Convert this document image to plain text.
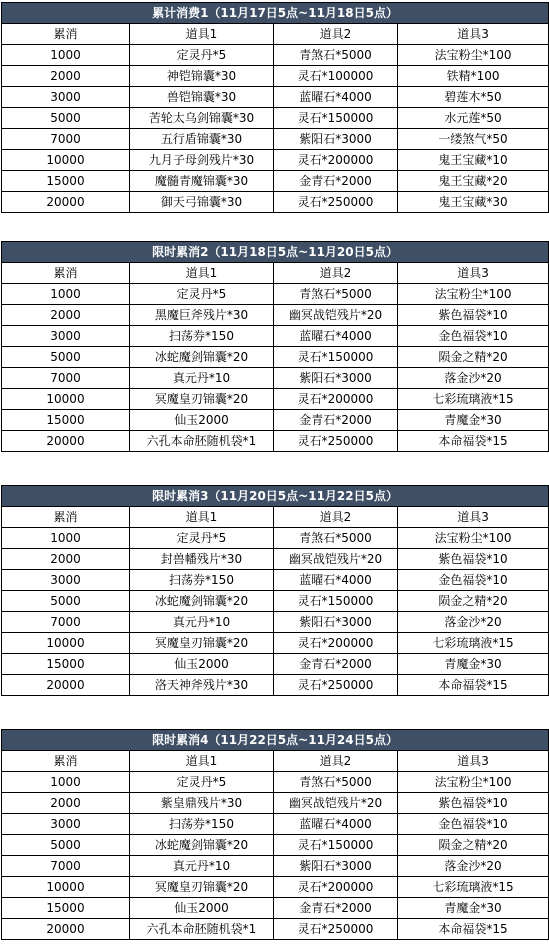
累计消费1（11月17日5点~11月18日5点）			
累消	道具1	道具2	道具3
1000	定灵丹*5	青煞石*5000	法宝粉尘*100
2000	神铠锦囊*30	灵石*100000	铁精*100
3000	兽铠锦囊*30	蓝曜石*4000	碧莲木*50
5000	苦轮太乌剑锦囊*30	灵石*150000	水元莲*50
7000	五行盾锦囊*30	紫阳石*3000	一缕煞气*50
10000	九月子母剑残片*30	灵石*200000	鬼王宝藏*10
15000	魔髓青魔锦囊*30	金青石*2000	鬼王宝藏*20
20000	御天弓锦囊*30	灵石*250000	鬼王宝藏*30
限时累消2（11月18日5点~11月20日5点）			
累消	道具1	道具2	道具3
1000	定灵丹*5	青煞石*5000	法宝粉尘*100
2000	黑魔巨斧残片*30	幽冥战铠残片*20	紫色福袋*10
3000	扫荡券*150	蓝曜石*4000	金色福袋*10
5000	冰蛇魔剑锦囊*20	灵石*150000	陨金之精*20
7000	真元丹*10	紫阳石*3000	落金沙*20
10000	冥魔皇刃锦囊*20	灵石*200000	七彩琉璃液*15
15000	仙玉2000	金青石*2000	青魔金*30
20000	六孔本命胚随机袋*1	灵石*250000	本命福袋*15
限时累消3（11月20日5点~11月22日5点）			
累消	道具1	道具2	道具3
1000	定灵丹*5	青煞石*5000	法宝粉尘*100
2000	封兽幡残片*30	幽冥战铠残片*20	紫色福袋*10
3000	扫荡券*150	蓝曜石*4000	金色福袋*10
5000	冰蛇魔剑锦囊*20	灵石*150000	陨金之精*20
7000	真元丹*10	紫阳石*3000	落金沙*20
10000	冥魔皇刃锦囊*20	灵石*200000	七彩琉璃液*15
15000	仙玉2000	金青石*2000	青魔金*30
20000	洛天神斧残片*30	灵石*250000	本命福袋*15
限时累消4（11月22日5点~11月24日5点）			
累消	道具1	道具2	道具3
1000	定灵丹*5	青煞石*5000	法宝粉尘*100
2000	紫皇鼎残片*30	幽冥战铠残片*20	紫色福袋*10
3000	扫荡券*150	蓝曜石*4000	金色福袋*10
5000	冰蛇魔剑锦囊*20	灵石*150000	陨金之精*20
7000	真元丹*10	紫阳石*3000	落金沙*20
10000	冥魔皇刃锦囊*20	灵石*200000	七彩琉璃液*15
15000	仙玉2000	金青石*2000	青魔金*30
20000	六孔本命胚随机袋*1	灵石*250000	本命福袋*15
